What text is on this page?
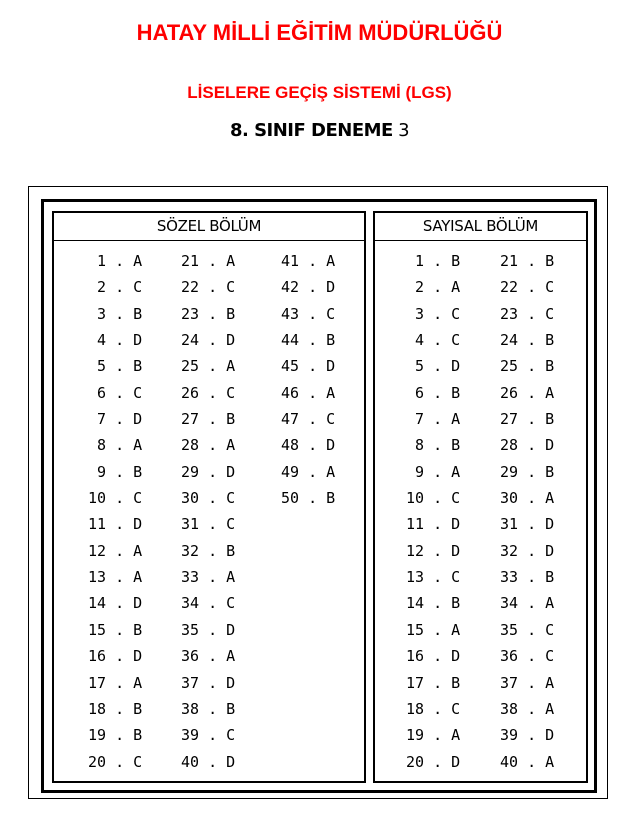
HATAY MİLLİ EĞİTİM MÜDÜRLÜĞÜ
LİSELERE GEÇİŞ SİSTEMİ (LGS)
8. SINIF DENEME 3
SÖZEL BÖLÜM
1 . A
2 . C
3 . B
4 . D
5 . B
6 . C
7 . D
8 . A
9 . B
10 . C
11 . D
12 . A
13 . A
14 . D
15 . B
16 . D
17 . A
18 . B
19 . B
20 . C
21 . A
22 . C
23 . B
24 . D
25 . A
26 . C
27 . B
28 . A
29 . D
30 . C
31 . C
32 . B
33 . A
34 . C
35 . D
36 . A
37 . D
38 . B
39 . C
40 . D
41 . A
42 . D
43 . C
44 . B
45 . D
46 . A
47 . C
48 . D
49 . A
50 . B
SAYISAL BÖLÜM
1 . B
2 . A
3 . C
4 . C
5 . D
6 . B
7 . A
8 . B
9 . A
10 . C
11 . D
12 . D
13 . C
14 . B
15 . A
16 . D
17 . B
18 . C
19 . A
20 . D
21 . B
22 . C
23 . C
24 . B
25 . B
26 . A
27 . B
28 . D
29 . B
30 . A
31 . D
32 . D
33 . B
34 . A
35 . C
36 . C
37 . A
38 . A
39 . D
40 . A
